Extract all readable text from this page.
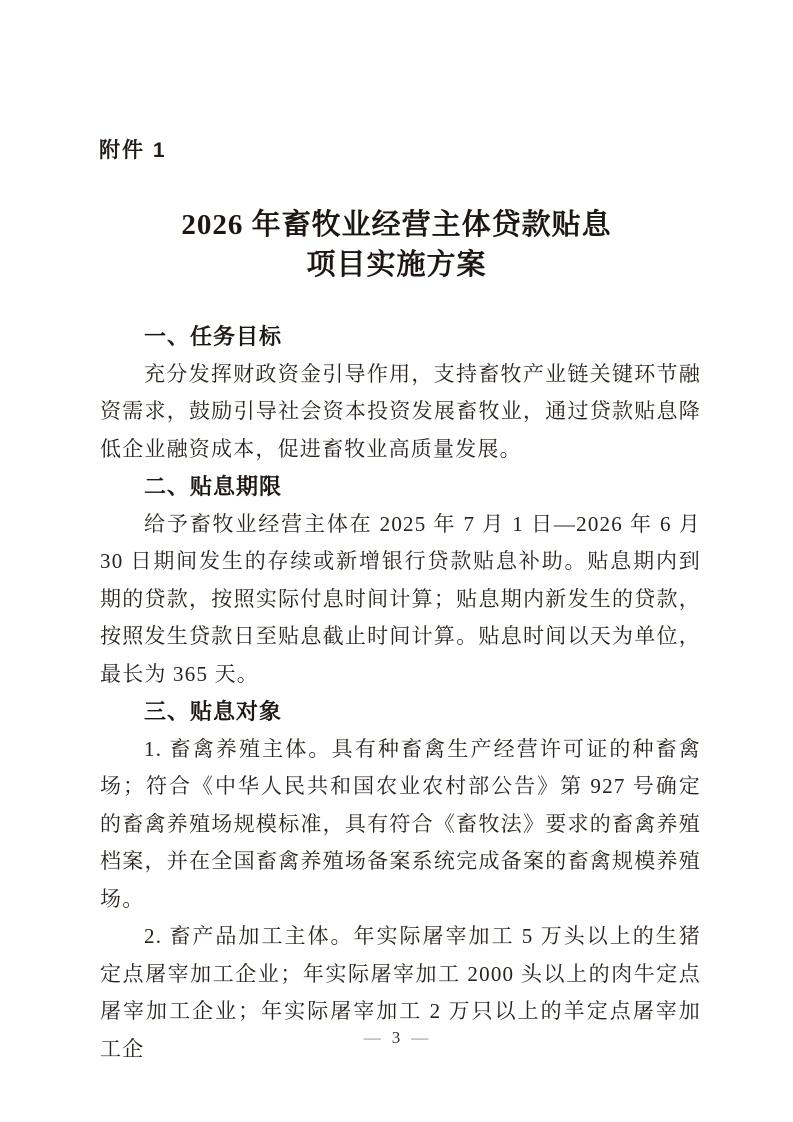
附件 1
2026 年畜牧业经营主体贷款贴息
项目实施方案
一、任务目标

充分发挥财政资金引导作用，支持畜牧产业链关键环节融资需求，鼓励引导社会资本投资发展畜牧业，通过贷款贴息降低企业融资成本，促进畜牧业高质量发展。

二、贴息期限

给予畜牧业经营主体在 2025 年 7 月 1 日—2026 年 6 月 30 日期间发生的存续或新增银行贷款贴息补助。贴息期内到期的贷款，按照实际付息时间计算；贴息期内新发生的贷款，按照发生贷款日至贴息截止时间计算。贴息时间以天为单位，最长为 365 天。

三、贴息对象

1. 畜禽养殖主体。具有种畜禽生产经营许可证的种畜禽场；符合《中华人民共和国农业农村部公告》第 927 号确定的畜禽养殖场规模标准，具有符合《畜牧法》要求的畜禽养殖档案，并在全国畜禽养殖场备案系统完成备案的畜禽规模养殖场。

2. 畜产品加工主体。年实际屠宰加工 5 万头以上的生猪定点屠宰加工企业；年实际屠宰加工 2000 头以上的肉牛定点屠宰加工企业；年实际屠宰加工 2 万只以上的羊定点屠宰加工企	— 3 —
